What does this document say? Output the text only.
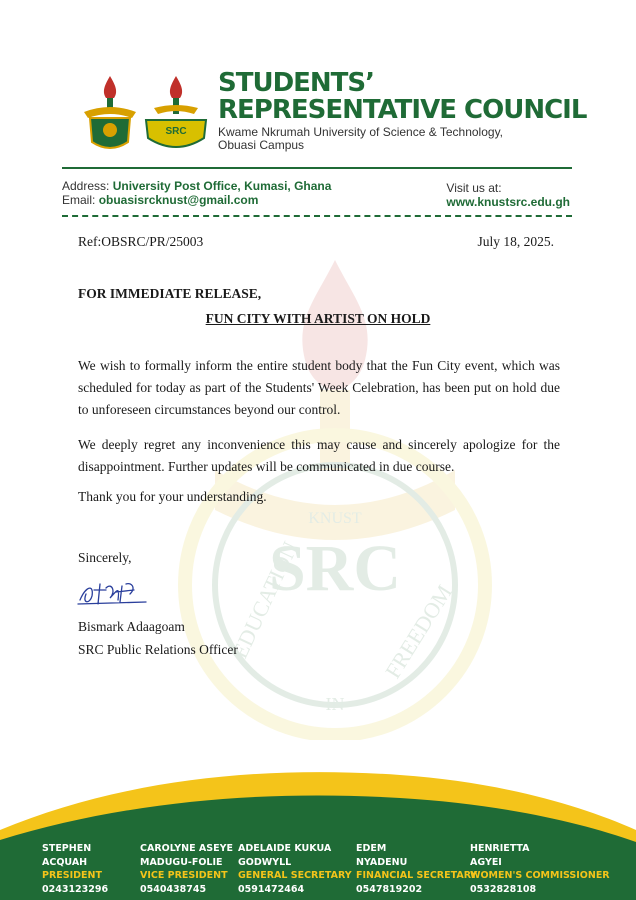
KNUST
SRC
EDUCATION
IN
FREEDOM
SRC
STUDENTS’
REPRESENTATIVE COUNCIL
Kwame Nkrumah University of Science & Technology,
Obuasi Campus
Address: University Post Office, Kumasi, Ghana
Email: obuasisrcknust@gmail.com
Visit us at:
www.knustsrc.edu.gh
Ref:OBSRC/PR/25003	July 18, 2025.
FOR IMMEDIATE RELEASE,
FUN CITY WITH ARTIST ON HOLD
We wish to formally inform the entire student body that the Fun City event, which was scheduled for today as part of the Students' Week Celebration, has been put on hold due to unforeseen circumstances beyond our control.
We deeply regret any inconvenience this may cause and sincerely apologize for the disappointment. Further updates will be communicated in due course.
Thank you for your understanding.
Sincerely,
Bismark Adaagoam
SRC Public Relations Officer
STEPHEN
ACQUAH
PRESIDENT
0243123296
CAROLYNE ASEYE
MADUGU-FOLIE
VICE PRESIDENT
0540438745
ADELAIDE KUKUA
GODWYLL
GENERAL SECRETARY
0591472464
EDEM
NYADENU
FINANCIAL SECRETARY
0547819202
HENRIETTA
AGYEI
WOMEN'S COMMISSIONER
0532828108
